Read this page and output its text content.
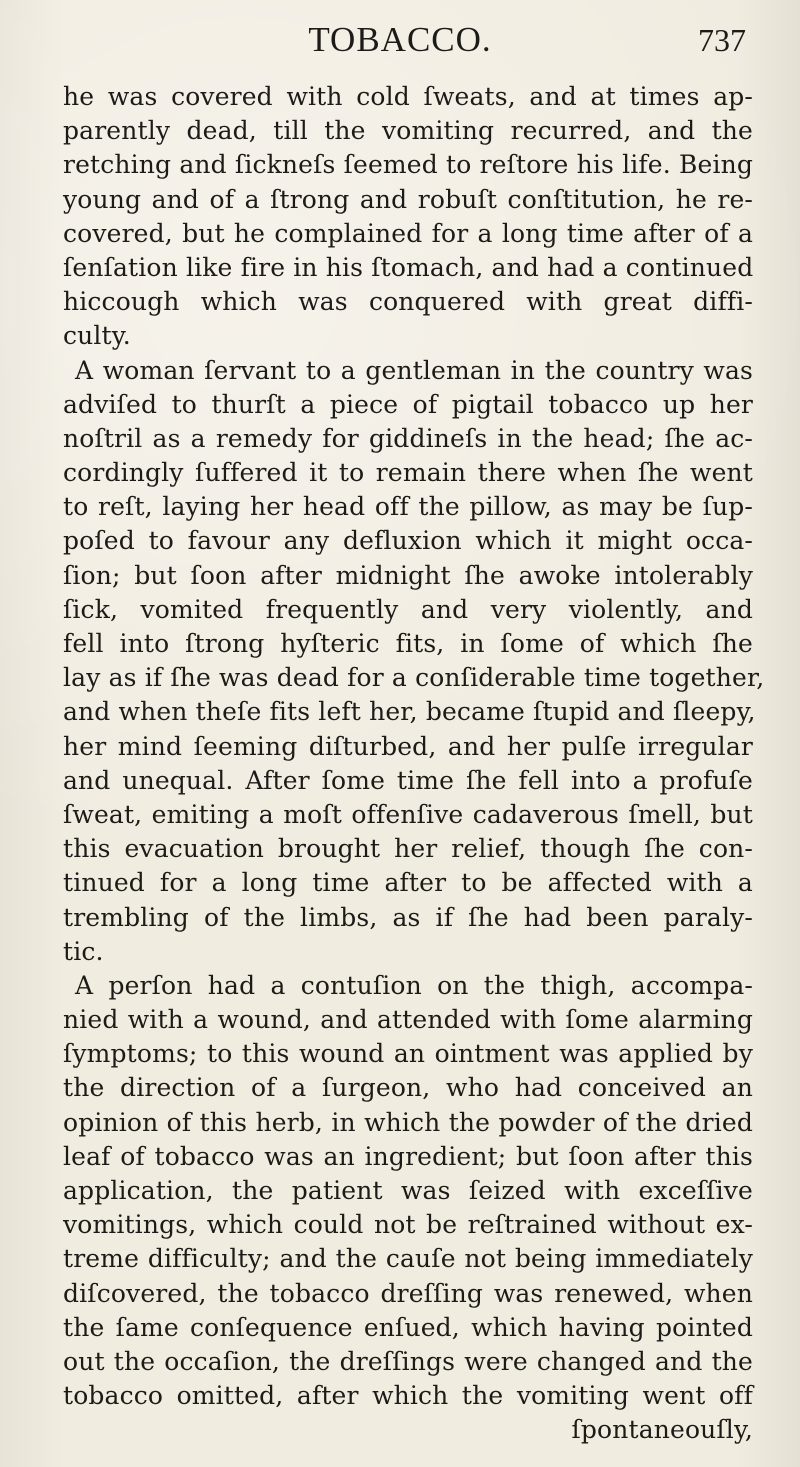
TOBACCO.	737
he was covered with cold ſweats, and at times ap-
parently dead, till the vomiting recurred, and the
retching and ſickneſs ſeemed to reſtore his life. Being
young and of a ſtrong and robuſt conſtitution, he re-
covered, but he complained for a long time after of a
ſenſation like fire in his ſtomach, and had a continued
hiccough which was conquered with great diffi-
culty.
A woman ſervant to a gentleman in the country was
adviſed to thurſt a piece of pigtail tobacco up her
noſtril as a remedy for giddineſs in the head; ſhe ac-
cordingly ſuffered it to remain there when ſhe went
to reſt, laying her head off the pillow, as may be ſup-
poſed to favour any defluxion which it might occa-
ſion; but ſoon after midnight ſhe awoke intolerably
ſick, vomited frequently and very violently, and
fell into ſtrong hyſteric fits, in ſome of which ſhe
lay as if ſhe was dead for a conſiderable time together,
and when theſe fits left her, became ſtupid and ſleepy,
her mind ſeeming diſturbed, and her pulſe irregular
and unequal. After ſome time ſhe fell into a profuſe
ſweat, emiting a moſt offenſive cadaverous ſmell, but
this evacuation brought her relief, though ſhe con-
tinued for a long time after to be affected with a
trembling of the limbs, as if ſhe had been paraly-
tic.
A perſon had a contuſion on the thigh, accompa-
nied with a wound, and attended with ſome alarming
ſymptoms; to this wound an ointment was applied by
the direction of a ſurgeon, who had conceived an
opinion of this herb, in which the powder of the dried
leaf of tobacco was an ingredient; but ſoon after this
application, the patient was ſeized with exceſſive
vomitings, which could not be reſtrained without ex-
treme difficulty; and the cauſe not being immediately
diſcovered, the tobacco dreſſing was renewed, when
the ſame conſequence enſued, which having pointed
out the occaſion, the dreſſings were changed and the
tobacco omitted, after which the vomiting went off
ſpontaneouſly,
